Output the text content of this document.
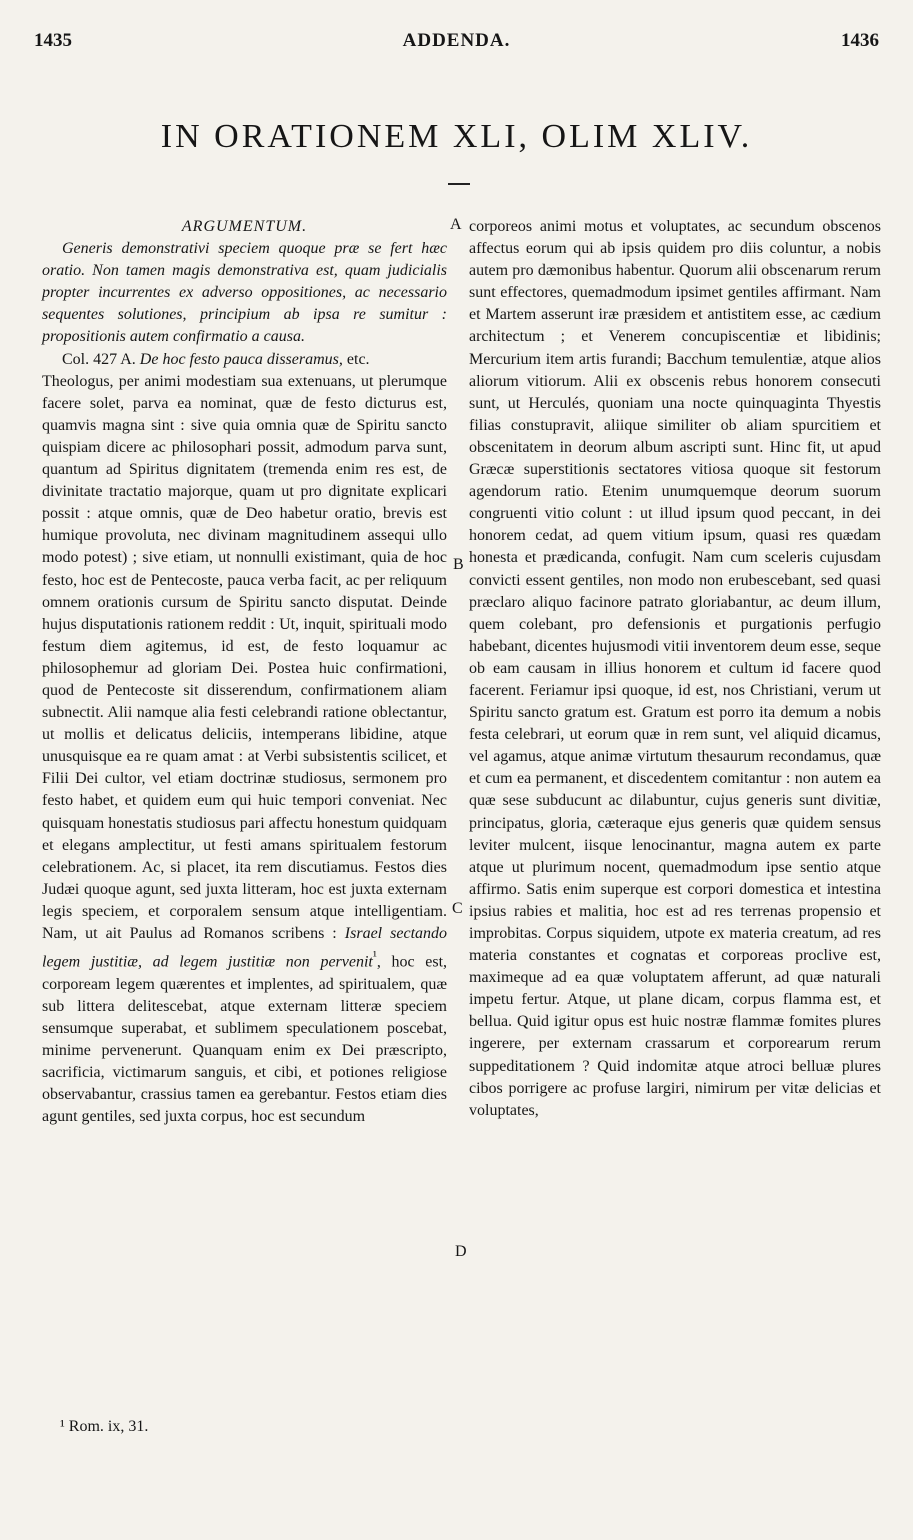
1435	ADDENDA.	1436
IN ORATIONEM XLI, OLIM XLIV.

ARGUMENTUM.

Generis demonstrativi speciem quoque præ se fert hæc oratio. Non tamen magis demonstrativa est, quam judicialis propter incurrentes ex adverso oppositiones, ac necessario sequentes solutiones, principium ab ipsa re sumitur : propositionis autem confirmatio a causa.

Col. 427 A. De hoc festo pauca disseramus, etc.

Theologus, per animi modestiam sua extenuans, ut plerumque facere solet, parva ea nominat, quæ de festo dicturus est, quamvis magna sint : sive quia omnia quæ de Spiritu sancto quispiam dicere ac philosophari possit, admodum parva sunt, quantum ad Spiritus dignitatem (tremenda enim res est, de divinitate tractatio majorque, quam ut pro dignitate explicari possit : atque omnis, quæ de Deo habetur oratio, brevis est humique provoluta, nec divinam magnitudinem assequi ullo modo potest) ; sive etiam, ut nonnulli existimant, quia de hoc festo, hoc est de Pentecoste, pauca verba facit, ac per reliquum omnem orationis cursum de Spiritu sancto disputat. Deinde hujus disputationis rationem reddit : Ut, inquit, spirituali modo festum diem agitemus, id est, de festo loquamur ac philosophemur ad gloriam Dei. Postea huic confirmationi, quod de Pentecoste sit disserendum, confirmationem aliam subnectit. Alii namque alia festi celebrandi ratione oblectantur, ut mollis et delicatus deliciis, intemperans libidine, atque unusquisque ea re quam amat : at Verbi subsistentis scilicet, et Filii Dei cultor, vel etiam doctrinæ studiosus, sermonem pro festo habet, et quidem eum qui huic tempori conveniat. Nec quisquam honestatis studiosus pari affectu honestum quidquam et elegans amplectitur, ut festi amans spiritualem festorum celebrationem. Ac, si placet, ita rem discutiamus. Festos dies Judæi quoque agunt, sed juxta litteram, hoc est juxta externam legis speciem, et corporalem sensum atque intelligentiam. Nam, ut ait Paulus ad Romanos scribens : Israel sectando legem justitiæ, ad legem justitiæ non pervenit$^{^1}$, hoc est, corpoream legem quærentes et implentes, ad spiritualem, quæ sub littera delitescebat, atque externam litteræ speciem sensumque superabat, et sublimem speculationem poscebat, minime pervenerunt. Quanquam enim ex Dei præscripto, sacrificia, victimarum sanguis, et cibi, et potiones religiose observabantur, crassius tamen ea gerebantur. Festos etiam dies agunt gentiles, sed juxta corpus, hoc est secundum

corporeos animi motus et voluptates, ac secundum obscenos affectus eorum qui ab ipsis quidem pro diis coluntur, a nobis autem pro dæmonibus habentur. Quorum alii obscenarum rerum sunt effectores, quemadmodum ipsimet gentiles affirmant. Nam et Martem asserunt iræ præsidem et antistitem esse, ac cædium architectum ; et Venerem concupiscentiæ et libidinis; Mercurium item artis furandi; Bacchum temulentiæ, atque alios aliorum vitiorum. Alii ex obscenis rebus honorem consecuti sunt, ut Herculés, quoniam una nocte quinquaginta Thyestis filias constupravit, aliique similiter ob aliam spurcitiem et obscenitatem in deorum album ascripti sunt. Hinc fit, ut apud Græcæ superstitionis sectatores vitiosa quoque sit festorum agendorum ratio. Etenim unumquemque deorum suorum congruenti vitio colunt : ut illud ipsum quod peccant, in dei honorem cedat, ad quem vitium ipsum, quasi res quædam honesta et prædicanda, confugit. Nam cum sceleris cujusdam convicti essent gentiles, non modo non erubescebant, sed quasi præclaro aliquo facinore patrato gloriabantur, ac deum illum, quem colebant, pro defensionis et purgationis perfugio habebant, dicentes hujusmodi vitii inventorem deum esse, seque ob eam causam in illius honorem et cultum id facere quod facerent. Feriamur ipsi quoque, id est, nos Christiani, verum ut Spiritu sancto gratum est. Gratum est porro ita demum a nobis festa celebrari, ut eorum quæ in rem sunt, vel aliquid dicamus, vel agamus, atque animæ virtutum thesaurum recondamus, quæ et cum ea permanent, et discedentem comitantur : non autem ea quæ sese subducunt ac dilabuntur, cujus generis sunt divitiæ, principatus, gloria, cæteraque ejus generis quæ quidem sensus leviter mulcent, iisque lenocinantur, magna autem ex parte atque ut plurimum nocent, quemadmodum ipse sentio atque affirmo. Satis enim superque est corpori domestica et intestina ipsius rabies et malitia, hoc est ad res terrenas propensio et improbitas. Corpus siquidem, utpote ex materia creatum, ad res materia constantes et cognatas et corporeas proclive est, maximeque ad ea quæ voluptatem afferunt, ad quæ naturali impetu fertur. Atque, ut plane dicam, corpus flamma est, et bellua. Quid igitur opus est huic nostræ flammæ fomites plures ingerere, per externam crassarum et corporearum rerum suppeditationem ? Quid indomitæ atque atroci belluæ plures cibos porrigere ac profuse largiri, nimirum per vitæ delicias et voluptates,

A
B
C
D
¹ Rom. ix, 31.
